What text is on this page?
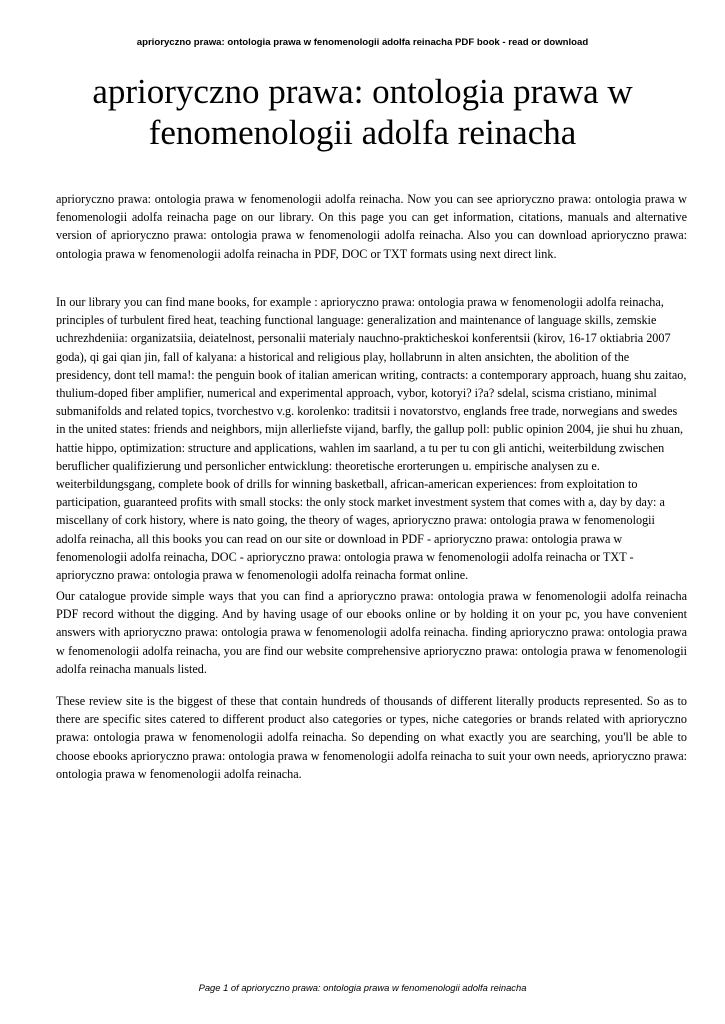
aprioryczno prawa: ontologia prawa w fenomenologii adolfa reinacha PDF book - read or download
aprioryczno prawa: ontologia prawa w fenomenologii adolfa reinacha

aprioryczno prawa: ontologia prawa w fenomenologii adolfa reinacha. Now you can see aprioryczno prawa: ontologia prawa w fenomenologii adolfa reinacha page on our library. On this page you can get information, citations, manuals and alternative version of aprioryczno prawa: ontologia prawa w fenomenologii adolfa reinacha. Also you can download aprioryczno prawa: ontologia prawa w fenomenologii adolfa reinacha in PDF, DOC or TXT formats using next direct link.

In our library you can find mane books, for example : aprioryczno prawa: ontologia prawa w fenomenologii adolfa reinacha, principles of turbulent fired heat, teaching functional language: generalization and maintenance of language skills, zemskie uchrezhdeniia: organizatsiia, deiatelnost, personalii materialy nauchno-prakticheskoi konferentsii (kirov, 16-17 oktiabria 2007 goda), qi gai qian jin, fall of kalyana: a historical and religious play, hollabrunn in alten ansichten, the abolition of the presidency, dont tell mama!: the penguin book of italian american writing, contracts: a contemporary approach, huang shu zaitao, thulium-doped fiber amplifier, numerical and experimental approach, vybor, kotoryi? i?a? sdelal, scisma cristiano, minimal submanifolds and related topics, tvorchestvo v.g. korolenko: traditsii i novatorstvo, englands free trade, norwegians and swedes in the united states: friends and neighbors, mijn allerliefste vijand, barfly, the gallup poll: public opinion 2004, jie shui hu zhuan, hattie hippo, optimization: structure and applications, wahlen im saarland, a tu per tu con gli antichi, weiterbildung zwischen beruflicher qualifizierung und personlicher entwicklung: theoretische erorterungen u. empirische analysen zu e. weiterbildungsgang, complete book of drills for winning basketball, african-american experiences: from exploitation to participation, guaranteed profits with small stocks: the only stock market investment system that comes with a, day by day: a miscellany of cork history, where is nato going, the theory of wages, aprioryczno prawa: ontologia prawa w fenomenologii adolfa reinacha, all this books you can read on our site or download in PDF - aprioryczno prawa: ontologia prawa w fenomenologii adolfa reinacha, DOC - aprioryczno prawa: ontologia prawa w fenomenologii adolfa reinacha or TXT - aprioryczno prawa: ontologia prawa w fenomenologii adolfa reinacha format online.

Our catalogue provide simple ways that you can find a aprioryczno prawa: ontologia prawa w fenomenologii adolfa reinacha PDF record without the digging. And by having usage of our ebooks online or by holding it on your pc, you have convenient answers with aprioryczno prawa: ontologia prawa w fenomenologii adolfa reinacha. finding aprioryczno prawa: ontologia prawa w fenomenologii adolfa reinacha, you are find our website comprehensive aprioryczno prawa: ontologia prawa w fenomenologii adolfa reinacha manuals listed.

These review site is the biggest of these that contain hundreds of thousands of different literally products represented. So as to there are specific sites catered to different product also categories or types, niche categories or brands related with aprioryczno prawa: ontologia prawa w fenomenologii adolfa reinacha. So depending on what exactly you are searching, you'll be able to choose ebooks aprioryczno prawa: ontologia prawa w fenomenologii adolfa reinacha to suit your own needs, aprioryczno prawa: ontologia prawa w fenomenologii adolfa reinacha.

Page 1 of aprioryczno prawa: ontologia prawa w fenomenologii adolfa reinacha
